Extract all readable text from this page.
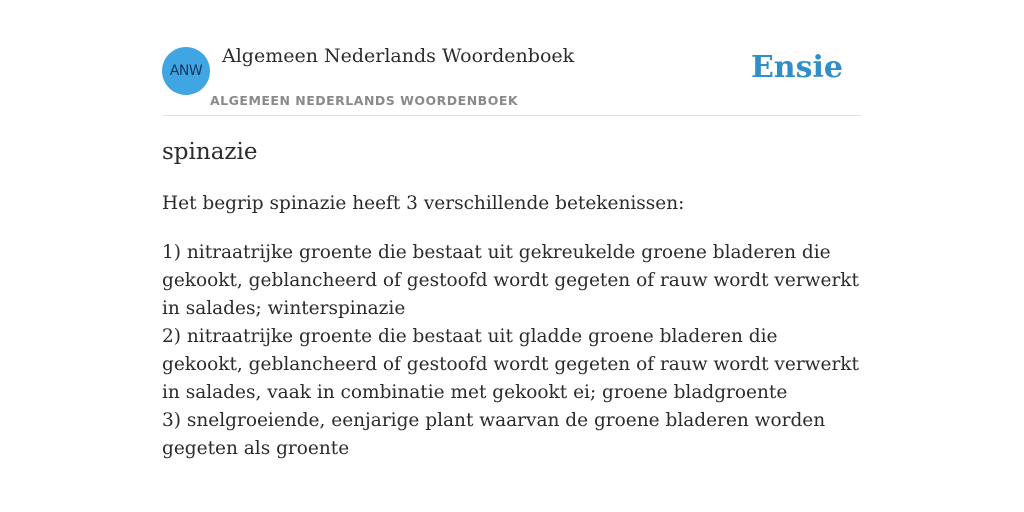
ANW
Algemeen Nederlands Woordenboek
ALGEMEEN NEDERLANDS WOORDENBOEK
Ensie
spinazie

Het begrip spinazie heeft 3 verschillende betekenissen:

1) nitraatrijke groente die bestaat uit gekreukelde groene bladeren die gekookt, geblancheerd of gestoofd wordt gegeten of rauw wordt verwerkt in salades; winterspinazie
2) nitraatrijke groente die bestaat uit gladde groene bladeren die gekookt, geblancheerd of gestoofd wordt gegeten of rauw wordt verwerkt in salades, vaak in combinatie met gekookt ei; groene bladgroente
3) snelgroeiende, eenjarige plant waarvan de groene bladeren worden gegeten als groente
